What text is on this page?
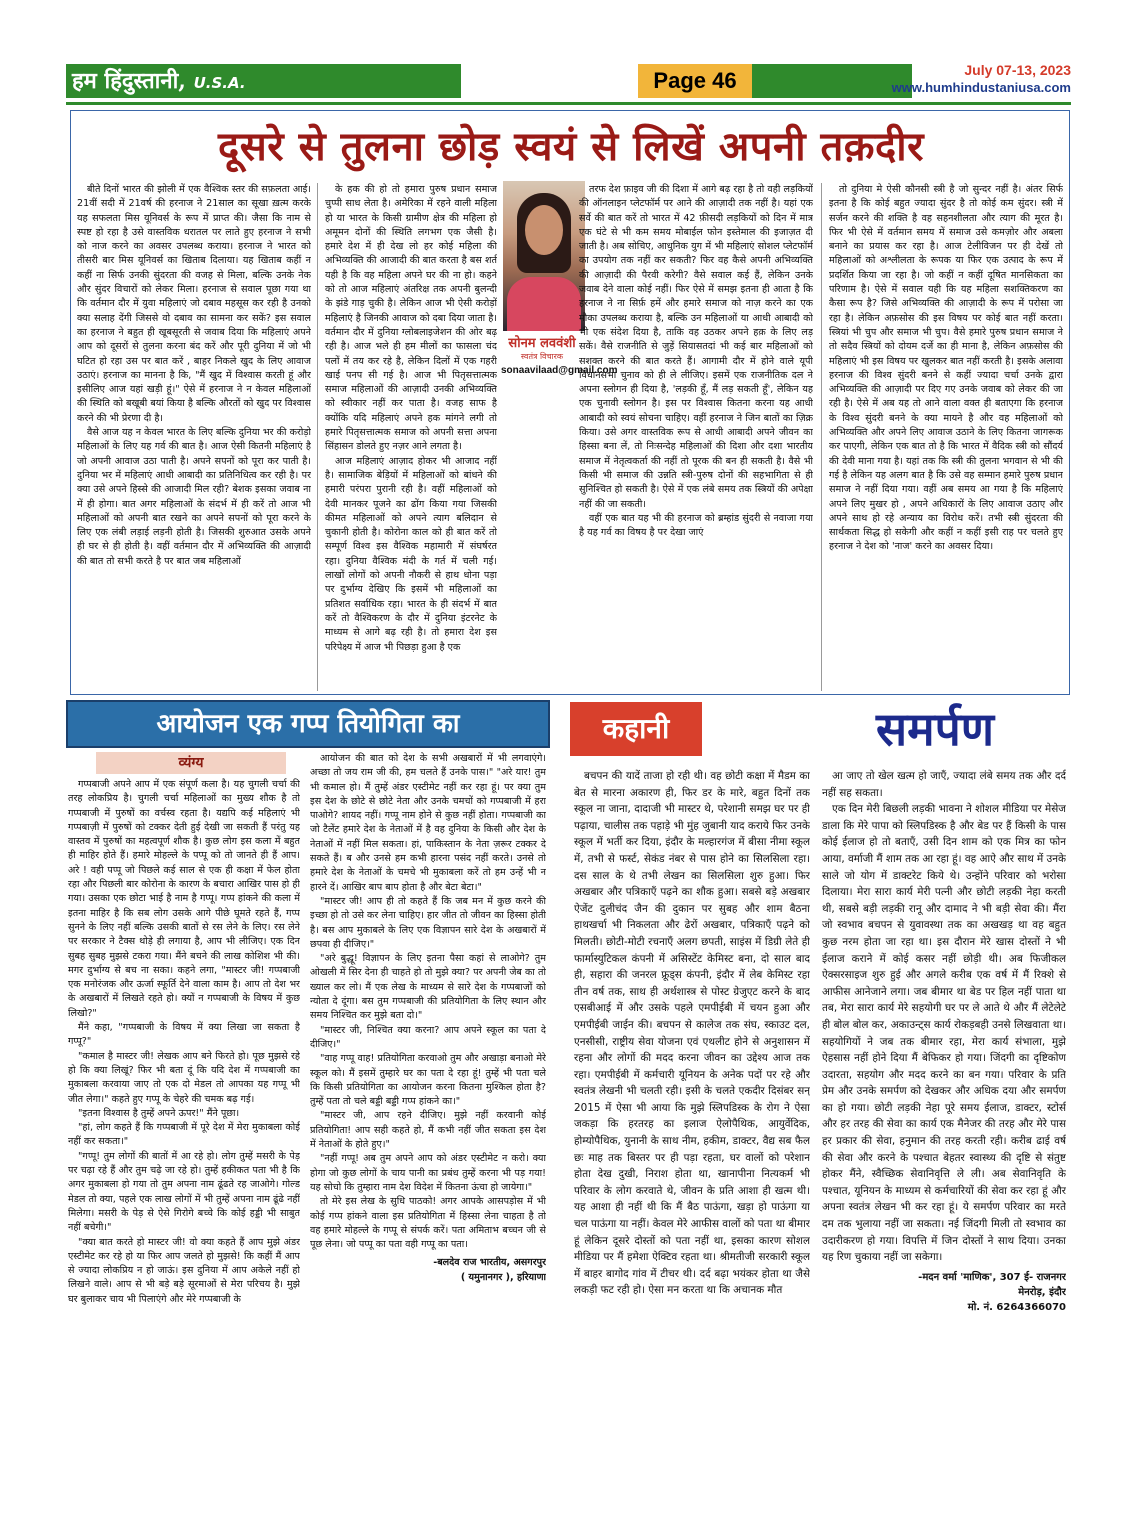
हम हिंदुस्तानी, U.S.A.	Page 46	July 07-13, 2023
www.humhindustaniusa.com
दूसरे से तुलना छोड़ स्वयं से लिखें अपनी तक़दीर

बीते दिनों भारत की झोली में एक वैश्विक स्तर की सफ़लता आई। 21वीं सदी में 21वर्ष की हरनाज ने 21साल का सूखा ख़त्म करके यह सफलता मिस यूनिवर्स के रूप में प्राप्त की। जैसा कि नाम से स्पष्ट हो रहा है उसे वास्तविक धरातल पर लाते हुए हरनाज ने सभी को नाज करने का अवसर उपलब्ध कराया। हरनाज ने भारत को तीसरी बार मिस यूनिवर्स का खिताब दिलाया। यह खिताब कहीं न कहीं ना सिर्फ उनकी सुंदरता की वजह से मिला, बल्कि उनके नेक और सुंदर विचारों को लेकर मिला। हरनाज से सवाल पूछा गया था कि वर्तमान दौर में युवा महिलाएं जो दबाव महसूस कर रही है उनको क्या सलाह देंगी जिससे वो दबाव का सामना कर सकें? इस सवाल का हरनाज ने बहुत ही खूबसूरती से जवाब दिया कि महिलाएं अपने आप को दूसरों से तुलना करना बंद करें और पूरी दुनिया में जो भी घटित हो रहा उस पर बात करें , बाहर निकले खुद के लिए आवाज उठाएं। हरनाज का मानना है कि, "मैं खुद में विश्वास करती हूं और इसीलिए आज यहां खड़ी हूं।" ऐसे में हरनाज ने न केवल महिलाओं की स्थिति को बखूबी बयां किया है बल्कि औरतों को खुद पर विश्वास करने की भी प्रेरणा दी है।

वैसे आज यह न केवल भारत के लिए बल्कि दुनिया भर की करोड़ो महिलाओं के लिए यह गर्व की बात है। आज ऐसी कितनी महिलाएं है जो अपनी आवाज उठा पाती है। अपने सपनों को पूरा कर पाती है। दुनिया भर में महिलाएं आधी आबादी का प्रतिनिधित्व कर रही है। पर क्या उसे अपने हिस्से की आजादी मिल रही? बेशक इसका जवाब ना में ही होगा। बात अगर महिलाओं के संदर्भ में ही करें तो आज भी महिलाओं को अपनी बात रखने का अपने सपनों को पूरा करने के लिए एक लंबी लड़ाई लड़नी होती है। जिसकी शुरुआत उसके अपने ही घर से ही होती है। वहीं वर्तमान दौर में अभिव्यक्ति की आज़ादी की बात तो सभी करते है पर बात जब महिलाओं

के हक की हो तो हमारा पुरुष प्रधान समाज चुप्पी साध लेता है। अमेरिका में रहने वाली महिला हो या भारत के किसी ग्रामीण क्षेत्र की महिला हो अमूमन दोनों की स्थिति लगभग एक जैसी है। हमारे देश में ही देख लो हर कोई महिला की अभिव्यक्ति की आजादी की बात करता है बस शर्त यही है कि वह महिला अपने घर की ना हो। कहने को तो आज महिलाएं अंतरिक्ष तक अपनी बुलन्दी के झंडे गाड़ चुकी है। लेकिन आज भी ऐसी करोड़ों महिलाएं है जिनकी आवाज को दबा दिया जाता है। वर्तमान दौर में दुनिया ग्लोबलाइजेशन की ओर बढ़ रही है। आज भले ही हम मीलों का फासला चंद पलों में तय कर रहे है, लेकिन दिलों में एक गहरी खाई पनप सी गई है। आज भी पितृसत्तात्मक समाज महिलाओं की आज़ादी उनकी अभिव्यक्ति को स्वीकार नहीं कर पाता है। वजह साफ है क्योंकि यदि महिलाएं अपने हक मांगने लगी तो हमारे पितृसत्तात्मक समाज को अपनी सत्ता अपना सिंहासन डोलते हुए नज़र आने लगता है।

आज महिलाएं आज़ाद होकर भी आजाद नहीं है। सामाजिक बेड़ियों में महिलाओं को बांधने की हमारी परंपरा पुरानी रही है। वहीं महिलाओं को देवी मानकर पूजने का ढोंग किया गया जिसकी कीमत महिलाओं को अपने त्याग बलिदान से चुकानी होती है। कोरोना काल को ही बात करें तो सम्पूर्ण विश्व इस वैश्विक महामारी में संघर्षरत रहा। दुनिया वैश्विक मंदी के गर्त में चली गई। लाखों लोगों को अपनी नौकरी से हाथ धोना पड़ा पर दुर्भाग्य देखिए कि इसमें भी महिलाओं का प्रतिशत सर्वाधिक रहा। भारत के ही संदर्भ में बात करें तो वैश्विकरण के दौर में दुनिया इंटरनेट के माध्यम से आगे बढ़ रही है। तो हमारा देश इस परिपेक्ष्य में आज भी पिछड़ा हुआ है एक

सोनम लववंशी
स्वतंत्र विचारक
sonaavilaad@gmail.com

तरफ देश फ़ाइव जी की दिशा में आगे बढ़ रहा है तो वही लड़कियों की ऑनलाइन प्लेटफॉर्म पर आने की आज़ादी तक नहीं है। यहां एक सर्वे की बात करें तो भारत में 42 फ़ीसदी लड़कियों को दिन में मात्र एक घंटे से भी कम समय मोबाईल फोन इस्तेमाल की इजाज़त दी जाती है। अब सोचिए, आधुनिक युग में भी महिलाएं सोशल प्लेटफॉर्म का उपयोग तक नहीं कर सकती? फिर वह कैसे अपनी अभिव्यक्ति की आज़ादी की पैरवी करेगी? वैसे सवाल कई हैं, लेकिन उनके जवाब देने वाला कोई नहीं। फिर ऐसे में समझ इतना ही आता है कि हरनाज ने ना सिर्फ़ हमें और हमारे समाज को नाज़ करने का एक मौका उपलब्ध कराया है, बल्कि उन महिलाओं या आधी आबादी को भी एक संदेश दिया है, ताकि वह उठकर अपने हक़ के लिए लड़ सकें। वैसे राजनीति से जुड़ें सियासतदां भी कई बार महिलाओं को सशक्त करने की बात करते हैं। आगामी दौर में होने वाले यूपी विधानसभा चुनाव को ही ले लीजिए। इसमें एक राजनीतिक दल ने अपना स्लोगन ही दिया है, 'लड़की हूँ, मैं लड़ सकती हूँ', लेकिन यह एक चुनावी स्लोगन है। इस पर विश्वास कितना करना यह आधी आबादी को स्वयं सोचना चाहिए। वहीं हरनाज ने जिन बातों का ज़िक्र किया। उसे अगर वास्तविक रूप से आधी आबादी अपने जीवन का हिस्सा बना लें, तो निःसन्देह महिलाओं की दिशा और दशा भारतीय समाज में नेतृत्वकर्ता की नहीं तो पूरक की बन ही सकती है। वैसे भी किसी भी समाज की उन्नति स्त्री-पुरुष दोनों की सहभागिता से ही सुनिश्चित हो सकती है। ऐसे में एक लंबे समय तक स्त्रियों की अपेक्षा नहीं की जा सकती।

वहीं एक बात यह भी की हरनाज को ब्रम्हांड सुंदरी से नवाजा गया है यह गर्व का विषय है पर देखा जाएं

तो दुनिया मे ऐसी कौनसी स्त्री है जो सुन्दर नहीं है। अंतर सिर्फ इतना है कि कोई बहुत ज्यादा सुंदर है तो कोई कम सुंदर। स्त्री में सर्जन करने की शक्ति है वह सहनशीलता और त्याग की मूरत है। फिर भी ऐसे में वर्तमान समय में समाज उसे कमज़ोर और अबला बनाने का प्रयास कर रहा है। आज टेलीविजन पर ही देखें तो महिलाओं को अश्लीलता के रूपक या फिर एक उत्पाद के रूप में प्रदर्शित किया जा रहा है। जो कहीं न कहीं दूषित मानसिकता का परिणाम है। ऐसे में सवाल यही कि यह महिला सशक्तिकरण का कैसा रूप है? जिसे अभिव्यक्ति की आज़ादी के रूप में परोसा जा रहा है। लेकिन अफ़सोस की इस विषय पर कोई बात नहीं करता। स्त्रियां भी चुप और समाज भी चुप। वैसे हमारे पुरुष प्रधान समाज ने तो सदैव स्त्रियों को दोयम दर्जे का ही माना है, लेकिन अफ़सोस की महिलाएं भी इस विषय पर खुलकर बात नहीं करती है। इसके अलावा हरनाज की विश्व सुंदरी बनने से कहीं ज्यादा चर्चा उनके द्वारा अभिव्यक्ति की आज़ादी पर दिए गए उनके जवाब को लेकर की जा रही है। ऐसे में अब यह तो आने वाला वक्त ही बताएगा कि हरनाज के विश्व सुंदरी बनने के क्या मायने है और वह महिलाओं को अभिव्यक्ति और अपने लिए आवाज उठाने के लिए कितना जागरूक कर पाएगी, लेकिन एक बात तो है कि भारत में वैदिक स्त्री को सौंदर्य की देवी माना गया है। यहां तक कि स्त्री की तुलना भगवान से भी की गई है लेकिन यह अलग बात है कि उसे वह सम्मान हमारे पुरुष प्रधान समाज ने नहीं दिया गया। वहीं अब समय आ गया है कि महिलाएं अपने लिए मुखर हो , अपने अधिकारों के लिए आवाज उठाए और अपने साथ हो रहे अन्याय का विरोध करें। तभी स्त्री सुंदरता की सार्थकता सिद्ध हो सकेगी और कहीं न कहीं इसी राह पर चलते हुए हरनाज ने देश को 'नाज' करने का अवसर दिया।

आयोजन एक गप्प तियोगिता का
व्यंग्य

गप्पबाजी अपने आप में एक संपूर्ण कला है। यह चुगली चर्चा की तरह लोकप्रिय है। चुगली चर्चा महिलाओं का मुख्य शौक है तो गप्पबाजी में पुरुषों का वर्चस्व रहता है। यद्यपि कई महिलाएं भी गप्पबाज़ी में पुरुषों को टक्कर देती हुई देखी जा सकती हैं परंतु यह वास्तव में पुरुषों का महत्वपूर्ण शौक है। कुछ लोग इस कला में बहुत ही माहिर होते हैं। हमारे मोहल्ले के पप्पू को तो जानते ही हैं आप। अरे ! वही पप्पू जो पिछले कई साल से एक ही कक्षा में फेल होता रहा और पिछली बार कोरोना के कारण के बचारा आखिर पास हो ही गया। उसका एक छोटा भाई है नाम है गप्पू। गप्प हांकने की कला में इतना माहिर है कि सब लोग उसके आगे पीछे घूमते रहते हैं, गप्प सुनने के लिए नहीं बल्कि उसकी बातों से रस लेने के लिए। रस लेने पर सरकार ने टैक्स थोड़े ही लगाया है, आप भी लीजिए। एक दिन सुबह सुबह मुझसे टकरा गया। मैंने बचने की लाख कोशिश भी की। मगर दुर्भाग्य से बच ना सका। कहने लगा, "मास्टर जी! गप्पबाजी एक मनोरंजक और ऊर्जा स्फूर्ति देने वाला काम है। आप तो देश भर के अखबारों में लिखते रहते हो। क्यों न गप्पबाजी के विषय में कुछ लिखो?"

मैंने कहा, "गप्पबाजी के विषय में क्या लिखा जा सकता है गप्पू?"

"कमाल है मास्टर जी! लेखक आप बने फिरते हो। पूछ मुझसे रहे हो कि क्या लिखूं? फिर भी बता दूं कि यदि देश में गप्पबाजी का मुकाबला करवाया जाए तो एक दो मेडल तो आपका यह गप्पू भी जीत लेगा।" कहते हुए गप्पू के चेहरे की चमक बढ़ गई।

"इतना विश्वास है तुम्हें अपने ऊपर!" मैंने पूछा।

"हां, लोग कहते हैं कि गप्पबाजी में पूरे देश में मेरा मुकाबला कोई नहीं कर सकता।"

"गप्पू! तुम लोगों की बातों में आ रहे हो। लोग तुम्हें मसरी के पेड़ पर चढ़ा रहे हैं और तुम चढ़े जा रहे हो। तुम्हें हकीकत पता भी है कि अगर मुकाबला हो गया तो तुम अपना नाम ढूंढते रह जाओगे। गोल्ड मेडल तो क्या, पहले एक लाख लोगों में भी तुम्हें अपना नाम ढूंढे नहीं मिलेगा। मसरी के पेड़ से ऐसे गिरोगे बच्चे कि कोई हड्डी भी साबुत नहीं बचेगी।"

"क्या बात करते हो मास्टर जी! वो क्या कहते हैं आप मुझे अंडर एस्टीमेट कर रहे हो या फिर आप जलते हो मुझसे! कि कहीं मैं आप से ज्यादा लोकप्रिय न हो जाऊं। इस दुनिया में आप अकेले नहीं हो लिखने वाले। आप से भी बड़े बड़े सूरमाओं से मेरा परिचय है। मुझे घर बुलाकर चाय भी पिलाएंगे और मेरे गप्पबाजी के

आयोजन की बात को देश के सभी अखबारों में भी लगवाएंगे। अच्छा तो जय राम जी की, हम चलते हैं उनके पास।" "अरे यार! तुम भी कमाल हो। मैं तुम्हें अंडर एस्टीमेट नहीं कर रहा हूं। पर क्या तुम इस देश के छोटे से छोटे नेता और उनके चमचों को गप्पबाजी में हरा पाओगे? शायद नहीं। गप्पू नाम होने से कुछ नहीं होता। गप्पबाजी का जो टैलेंट हमारे देश के नेताओं में है वह दुनिया के किसी और देश के नेताओं में नहीं मिल सकता। हां, पाकिस्तान के नेता ज़रूर टक्कर दे सकते हैं। ब और उनसे हम कभी हारना पसंद नहीं करते। उनसे तो हमारे देश के नेताओं के चमचे भी मुकाबला करें तो हम उन्हें भी न हारने दें। आखिर बाप बाप होता है और बेटा बेटा।"

"मास्टर जी! आप ही तो कहते हैं कि जब मन में कुछ करने की इच्छा हो तो उसे कर लेना चाहिए। हार जीत तो जीवन का हिस्सा होती है। बस आप मुकाबले के लिए एक विज्ञापन सारे देश के अखबारों में छपवा ही दीजिए।"

"अरे बुद्धू! विज्ञापन के लिए इतना पैसा कहां से लाओगे? तुम ओखली में सिर देना ही चाहते हो तो मुझे क्या? पर अपनी जेब का तो ख्याल कर लो। मैं एक लेख के माध्यम से सारे देश के गप्पबाजों को न्योता दे दूंगा। बस तुम गप्पबाजी की प्रतियोगिता के लिए स्थान और समय निश्चित कर मुझे बता दो।"

"मास्टर जी, निश्चित क्या करना? आप अपने स्कूल का पता दे दीजिए।"

"वाह गप्पू वाह! प्रतियोगिता करवाओ तुम और अखाड़ा बनाओ मेरे स्कूल को। मैं इसमें तुम्हारे घर का पता दे रहा हूं! तुम्हें भी पता चले कि किसी प्रतियोगिता का आयोजन करना कितना मुश्किल होता है? तुम्हें पता तो चले बड्डी बड्डी गप्प हांकने का।"

"मास्टर जी, आप रहने दीजिए। मुझे नहीं करवानी कोई प्रतियोगिता! आप सही कहते हो, मैं कभी नहीं जीत सकता इस देश में नेताओं के होते हुए।"

"नहीं गप्पू! अब तुम अपने आप को अंडर एस्टीमेट न करो। क्या होगा जो कुछ लोगों के चाय पानी का प्रबंध तुम्हें करना भी पड़ गया! यह सोचो कि तुम्हारा नाम देश विदेश में कितना ऊंचा हो जायेगा।"

तो मेरे इस लेख के सुधि पाठको! अगर आपके आसपड़ोस में भी कोई गप्प हांकने वाला इस प्रतियोगिता में हिस्सा लेना चाहता है तो वह हमारे मोहल्ले के गप्पू से संपर्क करें। पता अमिताभ बच्चन जी से पूछ लेना। जो पप्पू का पता वही गप्पू का पता।

-बलदेव राज भारतीय, असगरपुर
( यमुनानगर ), हरियाणा
कहानी	समर्पण

बचपन की यादें ताजा हो रही थी। वह छोटी कक्षा में मैडम का बेत से मारना अकारण ही, फिर डर के मारे, बहुत दिनों तक स्कूल ना जाना, दादाजी भी मास्टर थे, परेशानी समझ घर पर ही पढ़ाया, चालीस तक पहाड़े भी मुंह जुबानी याद कराये फिर उनके स्कूल में भर्ती कर दिया, इंदौर के मल्हारगंज में बीसा नीमा स्कूल में, तभी से फर्स्ट, सेकंड नंबर से पास होने का सिलसिला रहा। दस साल के थे तभी लेखन का सिलसिला शुरु हुआ। फिर अखबार और पत्रिकाएँ पढ़ने का शौक हुआ। सबसे बड़े अखबार ऐजेंट दुलीचंद जैन की दुकान पर सुबह और शाम बैठना हाथखर्चा भी निकलता और ढेरों अखबार, पत्रिकाएँ पढ़ने को मिलती। छोटी-मोटी रचनाएँ अलग छपती, साइंस में डिग्री लेते ही फार्मास्युटिकल कंपनी में असिस्टेंट केमिस्ट बना, दो साल बाद ही, सहारा की जनरल फ्रूड्स कंपनी, इंदौर में लेब केमिस्ट रहा तीन वर्ष तक, साथ ही अर्थशास्त्र से पोस्ट ग्रेजुएट करने के बाद एसबीआई में और उसके पहले एमपीईबी में चयन हुआ और एमपीईबी जाईन की। बचपन से कालेज तक संघ, स्काउट दल, एनसीसी, राष्ट्रीय सेवा योजना एवं एथलीट होने से अनुशासन में रहना और लोगों की मदद करना जीवन का उद्देश्य आज तक रहा। एमपीईबी में कर्मचारी यूनियन के अनेक पदों पर रहे और स्वतंत्र लेखनी भी चलती रही। इसी के चलते एकदीर दिसंबर सन् 2015 में ऐसा भी आया कि मुझे स्लिपडिस्क के रोग ने ऐसा जकड़ा कि हरतरह का इलाज ऐलोपैथिक, आयुर्वेदिक, होम्योपैथिक, युनानी के साथ नीम, हकीम, डाक्टर, वैद्य सब फैल छः माह तक बिस्तर पर ही पड़ा रहता, घर वालों को परेशान होता देख दुखी, निराश होता था, खानापीना नित्यकर्म भी परिवार के लोग करवाते थे, जीवन के प्रति आशा ही खत्म थी। यह आशा ही नहीं थी कि मैं बैठ पाऊंगा, खड़ा हो पाऊंगा या चल पाऊंगा या नहीं। केवल मेरे आफीस वालों को पता था बीमार हूं लेकिन दूसरे दोस्तों को पता नहीं था, इसका कारण सोशल मीडिया पर मैं हमेशा ऐक्टिव रहता था। श्रीमतीजी सरकारी स्कूल में बाहर बागोद गांव में टीचर थी। दर्द बढ़ा भयंकर होता था जैसे लकड़ी फट रही हो। ऐसा मन करता था कि अचानक मौत

आ जाए तो खेल खत्म हो जाएँ, ज्यादा लंबे समय तक और दर्द नहीं सह सकता।

एक दिन मेरी बिछली लड़की भावना ने शोशल मीडिया पर मेसेज डाला कि मेरे पापा को स्लिपडिस्क है और बेड पर हैं किसी के पास कोई ईलाज हो तो बताएँ, उसी दिन शाम को एक मित्र का फोन आया, वर्माजी मैं शाम तक आ रहा हूं। वह आऐ और साथ में उनके साले जो योग में डाक्टरेट किये थे। उन्होंने परिवार को भरोसा दिलाया। मेरा सारा कार्य मेरी पत्नी और छोटी लड़की नेहा करती थी, सबसे बड़ी लड़की रानू और दामाद ने भी बड़ी सेवा की। मैंरा जो स्वभाव बचपन से युवावस्था तक का अखखड़ था वह बहुत कुछ नरम होता जा रहा था। इस दौरान मेरे खास दोस्तों ने भी ईलाज कराने में कोई कसर नहीं छोड़ी थी। अब फिजीकल ऐक्सरसाइज शुरु हुई और अगले करीब एक वर्ष में मैं रिक्शे से आफीस आनेजाने लगा। जब बीमार था बेड पर हिल नहीं पाता था तब, मेरा सारा कार्य मेरे सहयोगी घर पर ले आते थे और मैं लेटेलेटे ही बोल बोल कर, अकाउन्ट्स कार्य रोकड़बही उनसे लिखवाता था। सहयोगियों ने जब तक बीमार रहा, मेरा कार्य संभाला, मुझे ऐहसास नहीं होने दिया मैं बेफिकर हो गया। जिंदगी का दृष्टिकोण उदारता, सहयोग और मदद करने का बन गया। परिवार के प्रति प्रेम और उनके समर्पण को देखकर और अधिक दया और समर्पण का हो गया। छोटी लड़की नेहा पूरे समय ईलाज, डाक्टर, स्टोर्स और हर तरह की सेवा का कार्य एक मैनेजर की तरह और मेरे पास हर प्रकार की सेवा, हनुमान की तरह करती रही। करीब ढाई वर्ष की सेवा और करने के पश्चात बेहतर स्वास्थ्य की दृष्टि से संतुष्ट होकर मैंने, स्वैच्छिक सेवानिवृत्ति ले ली। अब सेवानिवृति के पश्चात, यूनियन के माध्यम से कर्मचारियों की सेवा कर रहा हूं और अपना स्वतंत्र लेखन भी कर रहा हूं। ये समर्पण परिवार का मरते दम तक भुलाया नहीं जा सकता। नई जिंदगी मिली तो स्वभाव का उदारीकरण हो गया। विपत्ति में जिन दोस्तों ने साथ दिया। उनका यह रिण चुकाया नहीं जा सकेगा।

-मदन वर्मा 'माणिक', 307 ई- राजनगर
मेनरोड़, इंदौर
मो. नं. 6264366070
